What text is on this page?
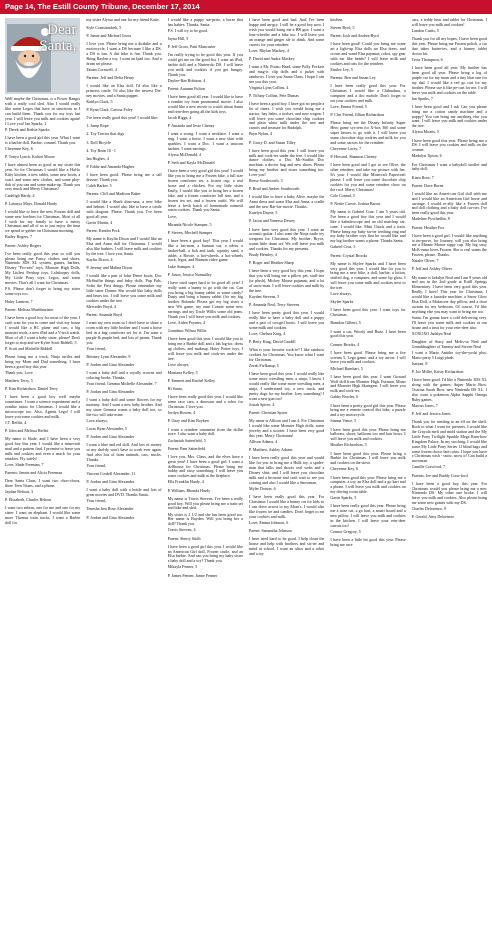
Page 14, The Estill County Tribune, December 17, 2014
Dear
Santa,

Well maybe the Christmas, is a Power Ranger with a really cool sled. Also I would really like some Legos that have in structions so I can build them. Thank you for my toys last year. I will leave you milk and cookies again! I Love you! Ian Sparks, 2

P. Derek and Kethia Sparks

I have been a good girl this year. What I want is a barbie doll, Barbie, comnel. Thank you.

Cheyenne Key, 6

P. Tonya Lynch, Kalton Moore

I have almost been as good as my sister this year. So for Christmas I would like a Hal-lo Kitty kitchen, a new tablet, some new boots, a scarf, and some new clothes, and some play-doh of you can and some make-up. Thank you very much and Merry Christmas!

Cadeligh Hardy, 4

P. Latonya Mays, Donald Hardy

I would like to have the new Frozen doll and some new bar-bies for Christmas. Most of all I wish for my family to have a merry Christmas and all of us to just enjoy the time we spend to-gether on Christmas morning.

Bailey Rogers, 7

Parent: Ashley Rogers

I've been really good this year so will you please bring me Fancy clothes and shoes, Nintendo 3DS XL system, games, barbies, Disney "Fro-zen" toys, Monster High Dolls, My Littlest Petshop toys, Lalaloopsy dolls, My Little Pony toys, Legos, and some movies. That's all I want for Christmas.

P.S. Please don't forget to bring my sister some toys too.

Haley Lantron, 7

Parent: Melissa Muehlmeister

I have been a good boy for most of the year. I can't wait for you to come and visit my house I would like a RC plane and cars, a big monster truck, a new iPad and a V-tech watch. Most of all I want a baby sister, please! Don't forget to stop and see Kylee Scott Riddell, 5

P. Scott and Michelle Riddell

Please bring me a truck, Ninja turtles and bring my Mom and Dad something. I have been a good boy this year.

Thank you, Love

Matthew Terry, 5

P. Kim Richardson, Daniel Terry

I have been a good boy well maybe sometimes. I want a science experiment and a zombie tattoo for Christmas. I would like a microscope too. Also, Agents Lego! I will leave you some cookies and milk.

J.T. Reffitt, 4

P. John and Melissa Reffitt

My name is Slade, and I have been a very good boy this year, I would like a minecraft mail and a pattern find. I promise to leave you milk and cookies and even a snack for your reindeer. Fly safely!

Love, Slade Freeman, 7

Parents: Jennie and Alicia Freeman

Dear Santa Claus, I want two choo-choos, three Teen Titans, and a phone.

Jaydan Bebout, 3

P. Elizabeth, Charles Bebout

I want two zebras, one for me and one for my sister. I want an elephant. I would like some more Thomas train tracks. I want a Barbie doll for

my sister Alyssa and one for my friend Katie.

Kyle Comstanchek, 5

P. Jamie and Michael Gross

I love you. Please bring me a dirtbike and a motorcycle, I want a DS because I like a DS. a DS is fun. A dirt bike is fun. Thank you. Bring Raylen a toy. I want an Ipad too. And a drum set please.

Tatum Cornwell, 4

Parents: Jeff and Delia Henry

I would like an Elsa doll, I'd also like a princess castle. I'd also like the newest Dis-ney movies, and a Santa puppet.

Kaitlyn Clark, 5

P. Ryan Clark, Carissa Foley

I've been really good this year! I would like:

1. Jump Rope

2. Toy Tractor that digs

3. Doll Bicycle

4. Toy Bean 10 - I

Ian Hughes, 4

P. Eddie and Amanda Hughes

I have been good. Please bring me a tall dresser. Thank you.

Caleb Barker, 5

Parents: Cliff and Madison Baker

I would like a Shark dino-saur, a new bike and helmet. I would also like to have a castle with dragons. Please. Thank you. I've been good all year.

Gavin Martin, 4

Parent: Kendra Peck

My name is Kaylin Dixon and I would like an Elsa and Anna doll for Christmas. I would also like barbies. I will leave milk and cookies by the tree. I love you, Santa.

Kaylin Dixon, 4

P. Jeremy and Malina Dixon

I would like a pair of John Deere boots, Doc McStuffin things and baby dolls, Pup Pals, Sofia the First things. Please remember my little sister Donna. She would like baby dolls and bears too. I will leave you some milk and cookies under the tree.

Mercedes Boyd, 4

Parent: Amanda Boyd

I want my own room so I don't have to share a room with my little brother and I want a horse bed in a bag comforter set for it. I'm want a purple & purple bed, and lots of paints. Thank you.

Your friend,

Brittney Lynn Alexander, 9

P. Jordan and Gina Alexander

I want a baby doll and a royally crowns and coloring books. Thanks.

Your friend, Gemma Michelle Alexander, 7

P. Jordan and Gina Alexander

I want a baby doll and some flowers for my mommy. And I want a new baby brother. And my sister Gemma wants a baby doll too, so the two will take mine.

Love always,

Lucas Ryan Alexander, 5

P. Jordan and Gina Alexander

I want a blue and red doll. And lots of money so my dad-dy won't have to work ever again. And also lots of farm animals, cars, trucks. Thanks.

Your friend,

Vincent Cordell Alexander, 11

P. Jordan and Gina Alexander

I want a baby doll with a bottle and lots of great movies and DVD. Thanks Santa.

Your friend,

Tenesha Irea Rose Alexander

P. Jordan and Gina Alexander

I would like a puppy sur-prise, a horse that has babies. Thanks, Santa.

P.S. I will try to be good.

Jayna Hill, 5

P. Jeff Gross, Patti Muncaster

I'm really trying to be good this year. If you could get me on the good list. I want an iPad, barbie doll and a Ninten-do DS. I will leave you milk and cookies if you get hungry. Thank you.

Daylee-Rae Robison, 4

Parent: Autumn Fulton

I have been good all year. I would like to have a zombie toy from paranormal movie. I also would like a new movie to watch about Santa and rein-deer going all the kids toys.

Jacob Riggs, 4

P. Amanda and Jesse Cheney

I want a swing. I want a necklace. I want a ring. I want a horse. I want a new shirt with sparkles. I want a Doc. I want a unicorn barbies. I want earrings.

Alyssa McDonald, 4

P. Seth and Kayla McDonald

I have been a very good girl this year! I would like you to bring me a Frozen bike, a full size frozen comforter set, a frozen cup, a real horse and a chicken. For my little sister Emily, I would like you to bring her a frozen bike, and a frozen comforter full size, and a frozen tea set, and a frozen outfit. We will leave a fresh batch of homemade oatmeal raisin cookies. Thank you Santa.

Love,

Miranda Nicole Stamper, 5

P. Steven, Mechell Stamper

I have been a good boy! This year I would like a bat-man, a batman car, a robin, a basket-ball, a fish and tank, squishy sand, a tablet, a Bowie, a hot-wheels, a hot-wheels track, legos, and Batman video game.

Luke Stamper, 4

P. Jason, Jessica Nunnalley

I have tried super hard to be good all year! I really want a bunny to go with the cat. Can you bring a big bunny rabbit or some candy? Dusty and bring a bunny rabbit (for my big brother Rolando Please get my big sister a new Wii game, my aunt Connie some new earrings and my Uncle Willis some old jeans. Thank you I will leave you milk and cookies.

Love, Aiden Poynter, 4

Grandma: Wilma Willis

I have been good this year. I would like you to bring me a Barbie doll and a lab log-tor, dress up clothes, and makeup, Hairy Potter toys, I will leave you milk and cook-ies under the tree.

Love always,

Montana Kelley, 5

P. Emmett and Rachel Kelley

Hi Santa,

I have been really good this year. I would like some race cars, a dinosaur and a robot for Christmas. I love you.

Jordyn Bowen, 4

P. Ozzy and Kim Boyken

I want a reindeer ornament from the dollar store. I also want a baby doll.

Zachariah Satterfield, 5

Parent: Pam Satterfield

I love you, Mrs. Claus, and the elves have a great year! I have been a good girl. I want a dollhouse for Christmas. Please bring my bubby and sissy something. I will leave you some cookies and milk at the fireplace.

Ella Franklin Hardy, 4

P. William, Rhonda Hardy

My name is Travis Stevens. I've been a really good boy. Will you please bring me a train set and bike and sled.

My sister is 2 1/2 and she has been good too. Her name is Bayden. Will you bring her a doll? Thank you.

Travis Stevens, 4

Parent: Sherry Stidh

I have been a good girl this year. I would like an American Girl doll, Frozen castle, and an Elsa barbie. And can you bring my baby sister a baby doll and a toy? Thank you.

Mikayla Fenner, 5

P. James Fenner, Jamie Fenner

I have been good and bad. And I've been happy and an-gry. I will be a good boy now. I wish you would bring me a BB gun. I want a four-wheeler and a bike too. I will leave you an orange and ginger ale to drink. And some carrots for your reindeer.

Love, Rhylan Mackey, 4

P. David and Audra Mackey

I want a Mr. Potato Head, some Polly Pockets and mag-ic clip dolls and a jacket with rainbows. I love you Santa Claus. I hope I can see you this year.

Virginia Lynn Collins, 4

P. Tiffany Collins, Pete Dumas

I have been a good boy. I have got no people a lot of times. I wish you would bring me a tractor, hay bales, a toolset, and new wagon. I will leave you some chocolate chip cookies and plain white milk under the tree and carrots and treasure for Rudolph.

Bryn Nylan, 4

P. Gracy D. and Susan Tilley

I have been good this year. I will leave you milk and cook-ies under the tree. I would like dance clothes, a Doc Mc-Stuffin Doc machine, a doctor bag and new shoes. Please bring my brother and sister something too. Love you!

Reese Southworth, 3

P. Brad and Amber Southworth

I would like to have a baby Alive, maybe the Anna dress and some Elsa and Anna, a cradle and the new Bar-bie movie. Thanks.

Katelyn Dayne, 5

P. Jason and Vanessa Dewey

I have been very good this year. I want an acoustic guitar. I also want the Ninja turtle toy weapons for Christmas. My brother, Bryce, wants little drum set. We will leave you milk and cookies. Thanks for my presents.

Brady Hensley, 4

P. Roger and Heather Sharp

I have been a very good boy this year. I hope that you will bring me a pillow pet, stuff-ties (or plush), Mickey Mouse pajamas, and a lot of snow-man. I will leave cookies and milk by the tree.

Kayden Stevens, 5

P. Amanda Neal, Terry Stevens

I have been pretty good this year. I would really like to have a baby doll and a puppy and a pair of cowgirl boots. I will leave you some milk and cookies.

Love, Chelsea King, 4

P. Betty King, David Caudill

What is your favorite cook-ie? I like rainbow cookies for Christmas. You know what I want for Christmas.

Zerah Fielkamp, 5

I have been good this year. I would really like some more wrestling men, a ninja, I know I would really like some more wrestling men, a ninja, I understand toy, a new truck, and pretty dogs for my brother. Joey something! I want a new gun too!

Josiah Spicer, 4

Parent: Christian Spicer

My name is Allison and I am 4. For Christmas I would like some Monster High dolls, some jewelry and a scooter. I have been very good this year. Merry Christmas!

Allison Adams, 4

P. Matthew, Ashley Adams

I have been really good this year and would like for you to bring me a Hulk toy, a spider-man that talks and shoots real webs and a Disney shirt, and I will leave you chocolate milk and a brownie and can't wait to see you coming and also I would like a Snowman.

Myler Dotson, 6

I have been really good this year. For Christmas I would like a bunny car for kids so I can drive across to my Mom's. I would also like frozen ice and candies. Don't forget to eat your cookies and milk.

Love, Emma Johnson, 6

Parent: Samantha Johnson

I have tried hard to be good. I help clean the house and help with brothers and sis-ter and mind at school. I want an xbox and a robot and a toy

kitchen.

Steven Byrd, 5

Parent: Josh and Andrea Byrd

I have been good! Could you bring me some art a light-up Elsa dolls an Elsa dress, and crown and wand Elsa pajamas, robot, spy gear with ear like heads? I will leave milk and cookies and oats for the reindeer.

Emilee Ley, 5

Parents: Ben and Susan Ley

I have been really good this year. For Christmas I would like a Chihuahua, a computer and a doc mobile. Don't forget to eat your cookies and milk.

Love, Emma Friend, 5

P. Chri Friend, Jillian Richardson

Please bring me the Disney Infinity Super Hero game sys-tem for X-box 360 and some super heroes to go with it. I will leave you some chocolate chip cookies and milk for you and some carrots for the reindeer.

Cheyenne Lacey, 7

P. Howard, Shannon Cheney

I have been good and I got to see Olive, the other reindeer, and take my picture with her. It's your I would like Minecraft Papercraft please. I will leave you some chocolate chip cookies for you and some reindeer chow on the roof. Merry Christmas!

Cole Conrad, 5

P. Nettie Crowe, Joshua Bacon

My name is Gabriel Cruz. I am 5 years old. I've been a good boy this year and I would like a kaleidoscope and an old matchup car, cane. I would like, Mini Chuck and a train. Please bring my baby sis-ter teething ring and my baby brother toys that he would like and my big brother wants a phone. Thanks Santa.

Gabriel Cruz, 5

Parent: Crystal Brooks

My name is Skylee Sparks and I have been very good this year. I would like for you to bring me a new bike, a doll, barbie, a lotion, stuffed dog, a computer, and some lip gloss. I will leave you some milk and cookies next to the tree.

Love always,

Skylee Sparks

I have been good this year. I want toys for Christmas.

Brandon Gilbert, 5

I want a car, Woody and Buzz. I have been good this year.

Connor Brooks, 4

I have been good. Please bring me a fire scream 5, Lego game, and a toy arrow. I will leave you milk and cookies.

Michael Barnhart, 5

I have been good this year. I want Ground Wolf doll from Monster High, Furman, Mono and Monster High Skategear. I will leave you milk and cook-ies.

Gabby Bowles, 6

I have been a pretty good girl this year. Please bring me a remote control dirt bike, a puzzle and a toy motorcycle.

Sianna Vance, 5

I have been good this year. Please bring me balloons, shoes, balloons too and hair bows. I will leave you milk and cookies.

Heather Richardson, 5

I have been good this year. Please bring a Barbie for Christmas. I will leave you milk and cookies on the stove.

Cheyenne Key, 6

I have been good this year. Please bring me a computer, a toy, an Elsa doll and a go kart and a phone. I will leave you milk and cookies on my din-ing room table.

Gavin Sparks, 5

I have been really good this year. Please bring me a nose car, a go kart, a smart board and a new pillow. I will leave you milk and cookies in the kitchen. I will leave your rein-deer carrots too!

Connor Gregory, 5

I have been a little bit good this year. Please bring me race

cars, a teddy bear and tablet for Christmas. I will leave you milk and cookies!

Landon Curtis, 5

Thank you for all my hopes, I have been good this year. Please bring me Frozen polish, a car that takes batter-ies, and a barney tablet doctor kit.

Tecia Thompson, 6

I have been good all year. My brother has been good all year. Please bring a log of purple car for my mom and a tiny blue one for my dad. I would like a red go cart for my brother. Please use it like pe-cart for me. I will leave you milk and cookies on the table.

Ian Sparks, 7

I have been good and I ask Can you please bring me a cotton candy machine and a puppy? You can bring me anything else you want. I will leave you milk and cookies under the tree.

Alyssa Moatts, 5

I have been good this year. Please bring me a DS. I will leave you cookies and milk on the counter.

Madalyn Tipton, 6

For Christmas I want a babydoll stroller and baby doll.

Kiara Rose, 7

Parent: Dave Burns

I would like an Ameri-can Girl doll with me and I would like an American Girl horse and carriage. I would re-ally like a Frozen doll and doll clothing and a baby doll car-rier. I've been really good this year.

Madeline Pyschedlin, 8

Parent: Heather Fox

I have been a good girl. I would like anything to im-prove, for Journey, will you also bring me a Minnie Mouse sippy cup. My big sissy McK-enna loves Frozen. She is real wants the Frozen, please. Thanks.

Natalie Oliver, 7

P. Jeff and Ashley Oliver

My name is Jadalyn Neal and I am 9 years old and am in the 2nd grade at Estill Springs Elementary. I have been very good this year. Really, I have! This year for Christmas, I would like a karaoke machine, a Snow Glow Elsa Doll, a Makeover day pillow, and a door curtain for my bedroom. Of course, I'd like anything else you may want to bring me too.

Santa, I'm gonna have a cold delivering very. I'll leave you some milk and cookies at our house and a treat for your rein-deer also.

XOXOXO Jadalyn Neal

Daughter of Stacy and Melis-sa Neal and Granddaughter of Tammy and Steven Neal

I want a Mario Amiibo toy-the-yoshi plus. Mario party 5 Luigi plush.

Isaiyan, 8

P. Joe Miller, Kristy Richardson

I have been good. I'd like a Nintendo 3DS XL along with the games: Super Mario Bros. Ocarina Sarah Bros. new Nintendo DS XL. I also want a pokemon Alpha Sapphi Omega Ruby games.

Marcus Jones, 7

P. Jeff and Jessica Jones

Thank you for sending to an elf on the shelf. Roch to what I want for presents. I would like the Crayola melt and mold station and the My Little Pony Twilight Sparkle Mega Rain-bow Kingdom Palace. In my stocking, I would like some My Little Pony Series 11 blind bags and some frozen choco-late coins. I hope you have a Christmas wish - snow, snow it! Can build a snowman.

Camille Crawford, 7

Parents: Joe and Buddy Craw-ford

I have been a good boy this year. For Christmas would you please bring me a new Nintendo DS. My other one broke. I will leave you milk and cookies. Also please bring me some new games with my DS.

Charles Delorenzo, 9

P. Gerald, Amy Delorenzo
